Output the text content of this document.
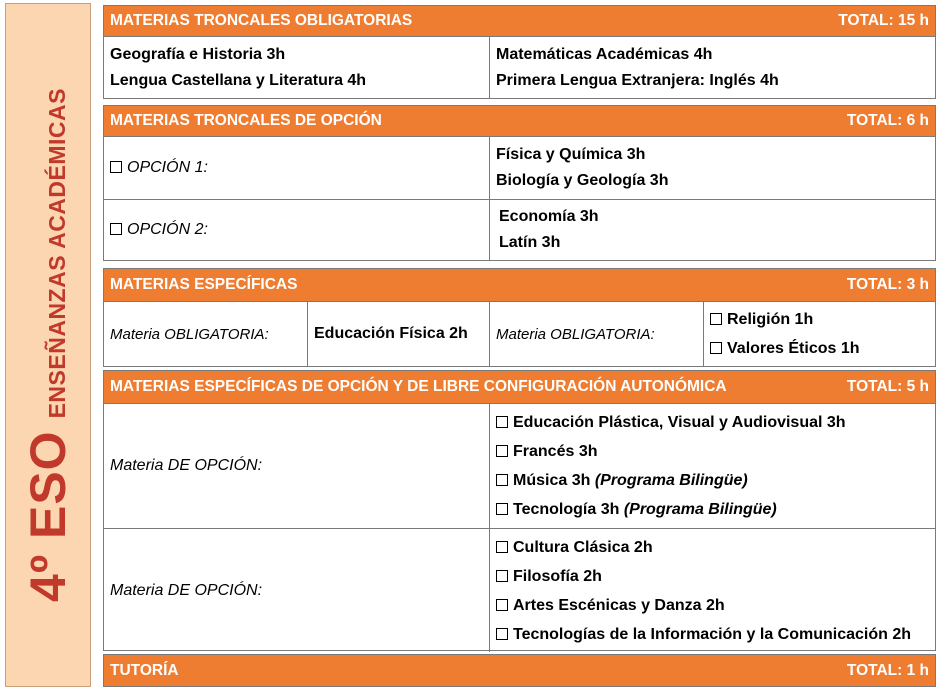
4º ESO
ENSEÑANZAS ACADÉMICAS
MATERIAS TRONCALES OBLIGATORIAS	TOTAL: 15 h
Geografía e Historia 3h
Lengua Castellana y Literatura 4h
Matemáticas Académicas 4h
Primera Lengua Extranjera: Inglés 4h
MATERIAS TRONCALES DE OPCIÓN	TOTAL: 6 h
OPCIÓN 1:
Física y Química 3h
Biología y Geología 3h
OPCIÓN 2:
Economía 3h
Latín 3h
MATERIAS ESPECÍFICAS	TOTAL: 3 h
Materia OBLIGATORIA:	Educación Física 2h	Materia OBLIGATORIA:
Religión 1h
Valores Éticos 1h
MATERIAS ESPECÍFICAS DE OPCIÓN Y DE LIBRE CONFIGURACIÓN AUTONÓMICA	TOTAL: 5 h
Materia DE OPCIÓN:
Educación Plástica, Visual y Audiovisual 3h
Francés 3h
Música 3h (Programa Bilingüe)
Tecnología 3h (Programa Bilingüe)
Materia DE OPCIÓN:
Cultura Clásica 2h
Filosofía 2h
Artes Escénicas y Danza 2h
Tecnologías de la Información y la Comunicación 2h
TUTORÍA	TOTAL: 1 h
